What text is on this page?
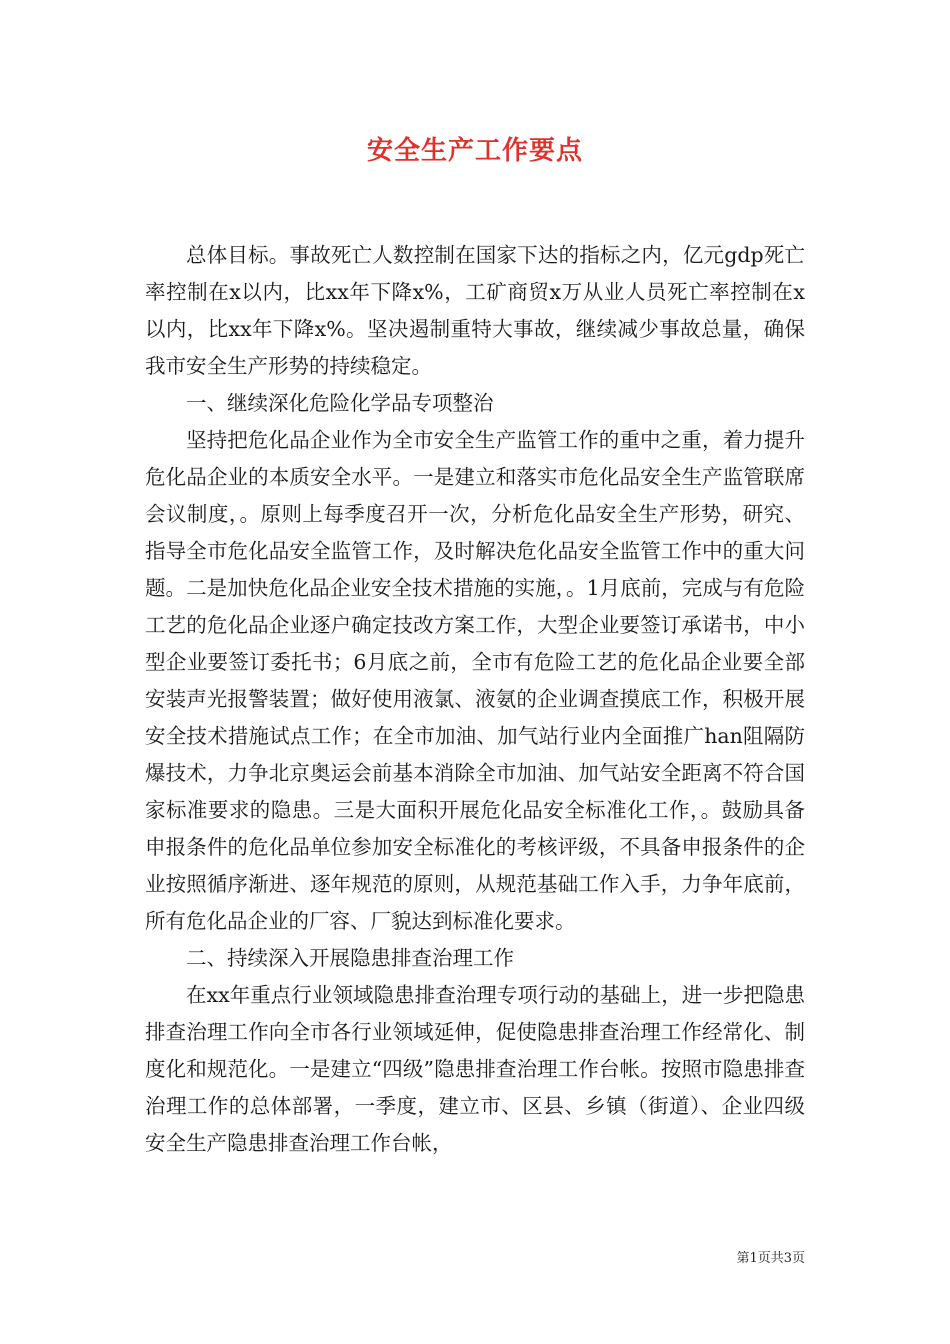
安全生产工作要点

总体目标。事故死亡人数控制在国家下达的指标之内，亿元gdp死亡率控制在x以内，比xx年下降x%，工矿商贸x万从业人员死亡率控制在x以内，比xx年下降x%。坚决遏制重特大事故，继续减少事故总量，确保我市安全生产形势的持续稳定。

一、继续深化危险化学品专项整治

坚持把危化品企业作为全市安全生产监管工作的重中之重，着力提升危化品企业的本质安全水平。一是建立和落实市危化品安全生产监管联席会议制度，。原则上每季度召开一次，分析危化品安全生产形势，研究、指导全市危化品安全监管工作，及时解决危化品安全监管工作中的重大问题。二是加快危化品企业安全技术措施的实施，。1月底前，完成与有危险工艺的危化品企业逐户确定技改方案工作，大型企业要签订承诺书，中小型企业要签订委托书；6月底之前，全市有危险工艺的危化品企业要全部安装声光报警装置；做好使用液氯、液氨的企业调查摸底工作，积极开展安全技术措施试点工作；在全市加油、加气站行业内全面推广han阻隔防爆技术，力争北京奥运会前基本消除全市加油、加气站安全距离不符合国家标准要求的隐患。三是大面积开展危化品安全标准化工作，。鼓励具备申报条件的危化品单位参加安全标准化的考核评级，不具备申报条件的企业按照循序渐进、逐年规范的原则，从规范基础工作入手，力争年底前，所有危化品企业的厂容、厂貌达到标准化要求。

二、持续深入开展隐患排查治理工作

在xx年重点行业领域隐患排查治理专项行动的基础上，进一步把隐患排查治理工作向全市各行业领域延伸，促使隐患排查治理工作经常化、制度化和规范化。一是建立“四级”隐患排查治理工作台帐。按照市隐患排查治理工作的总体部署，一季度，建立市、区县、乡镇（街道）、企业四级安全生产隐患排查治理工作台帐，

第1页共3页
